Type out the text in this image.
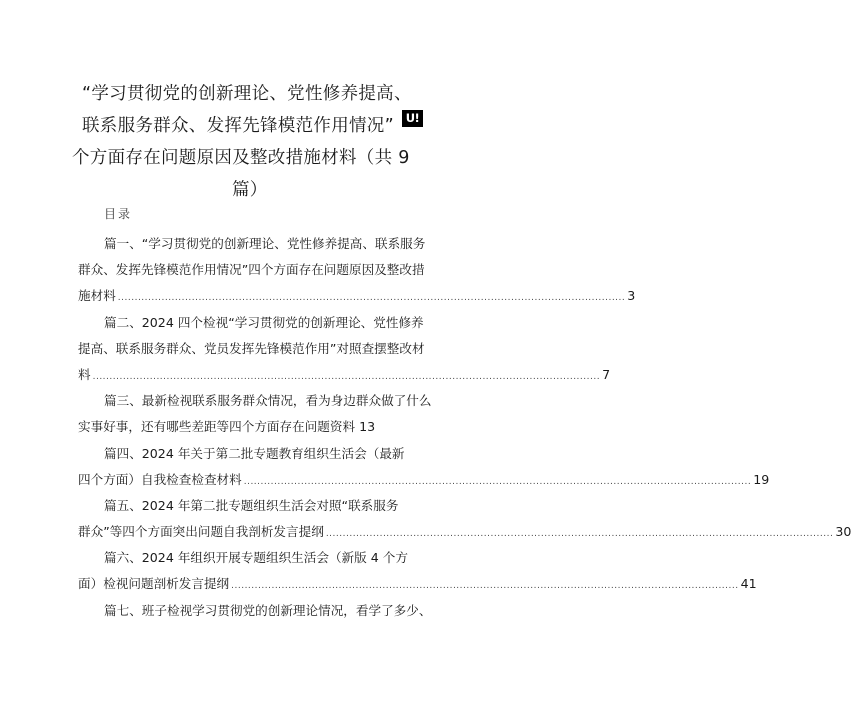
“学习贯彻党的创新理论、党性修养提高、
联系服务群众、发挥先锋模范作用情况”
个方面存在问题原因及整改措施材料（共 9
篇）
U!
目录
篇一、“学习贯彻党的创新理论、党性修养提高、联系服务
群众、发挥先锋模范作用情况”四个方面存在问题原因及整改措
施材料 ....................................................................................................................................................... 3
篇二、2024 四个检视“学习贯彻党的创新理论、党性修养
提高、联系服务群众、党员发挥先锋模范作用”对照查摆整改材
料 ....................................................................................................................................................... 7
篇三、最新检视联系服务群众情况，看为身边群众做了什么
实事好事，还有哪些差距等四个方面存在问题资料 13
篇四、2024 年关于第二批专题教育组织生活会（最新
四个方面）自我检查检查材料 ....................................................................................................................................................... 19
篇五、2024 年第二批专题组织生活会对照“联系服务
群众”等四个方面突出问题自我剖析发言提纲 ....................................................................................................................................................... 30
篇六、2024 年组织开展专题组织生活会（新版 4 个方
面）检视问题剖析发言提纲 ....................................................................................................................................................... 41
篇七、班子检视学习贯彻党的创新理论情况，看学了多少、
